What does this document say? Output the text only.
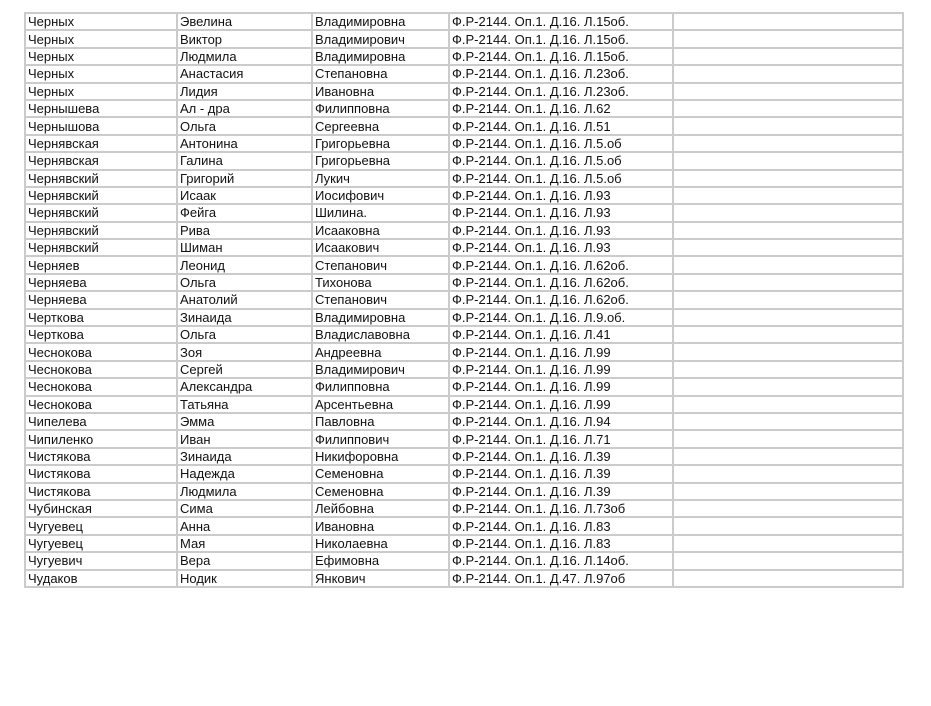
Черных	Эвелина	Владимировна	Ф.Р-2144. Оп.1. Д.16. Л.15об.	
Черных	Виктор	Владимирович	Ф.Р-2144. Оп.1. Д.16. Л.15об.	
Черных	Людмила	Владимировна	Ф.Р-2144. Оп.1. Д.16. Л.15об.	
Черных	Анастасия	Степановна	Ф.Р-2144. Оп.1. Д.16. Л.23об.	
Черных	Лидия	Ивановна	Ф.Р-2144. Оп.1. Д.16. Л.23об.	
Чернышева	Ал - дра	Филипповна	Ф.Р-2144. Оп.1. Д.16. Л.62	
Чернышова	Ольга	Сергеевна	Ф.Р-2144. Оп.1. Д.16. Л.51	
Чернявская	Антонина	Григорьевна	Ф.Р-2144. Оп.1. Д.16. Л.5.об	
Чернявская	Галина	Григорьевна	Ф.Р-2144. Оп.1. Д.16. Л.5.об	
Чернявский	Григорий	Лукич	Ф.Р-2144. Оп.1. Д.16. Л.5.об	
Чернявский	Исаак	Иосифович	Ф.Р-2144. Оп.1. Д.16. Л.93	
Чернявский	Фейга	Шилина.	Ф.Р-2144. Оп.1. Д.16. Л.93	
Чернявский	Рива	Исааковна	Ф.Р-2144. Оп.1. Д.16. Л.93	
Чернявский	Шиман	Исаакович	Ф.Р-2144. Оп.1. Д.16. Л.93	
Черняев	Леонид	Степанович	Ф.Р-2144. Оп.1. Д.16. Л.62об.	
Черняева	Ольга	Тихонова	Ф.Р-2144. Оп.1. Д.16. Л.62об.	
Черняева	Анатолий	Степанович	Ф.Р-2144. Оп.1. Д.16. Л.62об.	
Черткова	Зинаида	Владимировна	Ф.Р-2144. Оп.1. Д.16. Л.9.об.	
Черткова	Ольга	Владиславовна	Ф.Р-2144. Оп.1. Д.16. Л.41	
Чеснокова	Зоя	Андреевна	Ф.Р-2144. Оп.1. Д.16. Л.99	
Чеснокова	Сергей	Владимирович	Ф.Р-2144. Оп.1. Д.16. Л.99	
Чеснокова	Александра	Филипповна	Ф.Р-2144. Оп.1. Д.16. Л.99	
Чеснокова	Татьяна	Арсентьевна	Ф.Р-2144. Оп.1. Д.16. Л.99	
Чипелева	Эмма	Павловна	Ф.Р-2144. Оп.1. Д.16. Л.94	
Чипиленко	Иван	Филиппович	Ф.Р-2144. Оп.1. Д.16. Л.71	
Чистякова	Зинаида	Никифоровна	Ф.Р-2144. Оп.1. Д.16. Л.39	
Чистякова	Надежда	Семеновна	Ф.Р-2144. Оп.1. Д.16. Л.39	
Чистякова	Людмила	Семеновна	Ф.Р-2144. Оп.1. Д.16. Л.39	
Чубинская	Сима	Лейбовна	Ф.Р-2144. Оп.1. Д.16. Л.73об	
Чугуевец	Анна	Ивановна	Ф.Р-2144. Оп.1. Д.16. Л.83	
Чугуевец	Мая	Николаевна	Ф.Р-2144. Оп.1. Д.16. Л.83	
Чугуевич	Вера	Ефимовна	Ф.Р-2144. Оп.1. Д.16. Л.14об.	
Чудаков	Нодик	Янкович	Ф.Р-2144. Оп.1. Д.47. Л.97об	
